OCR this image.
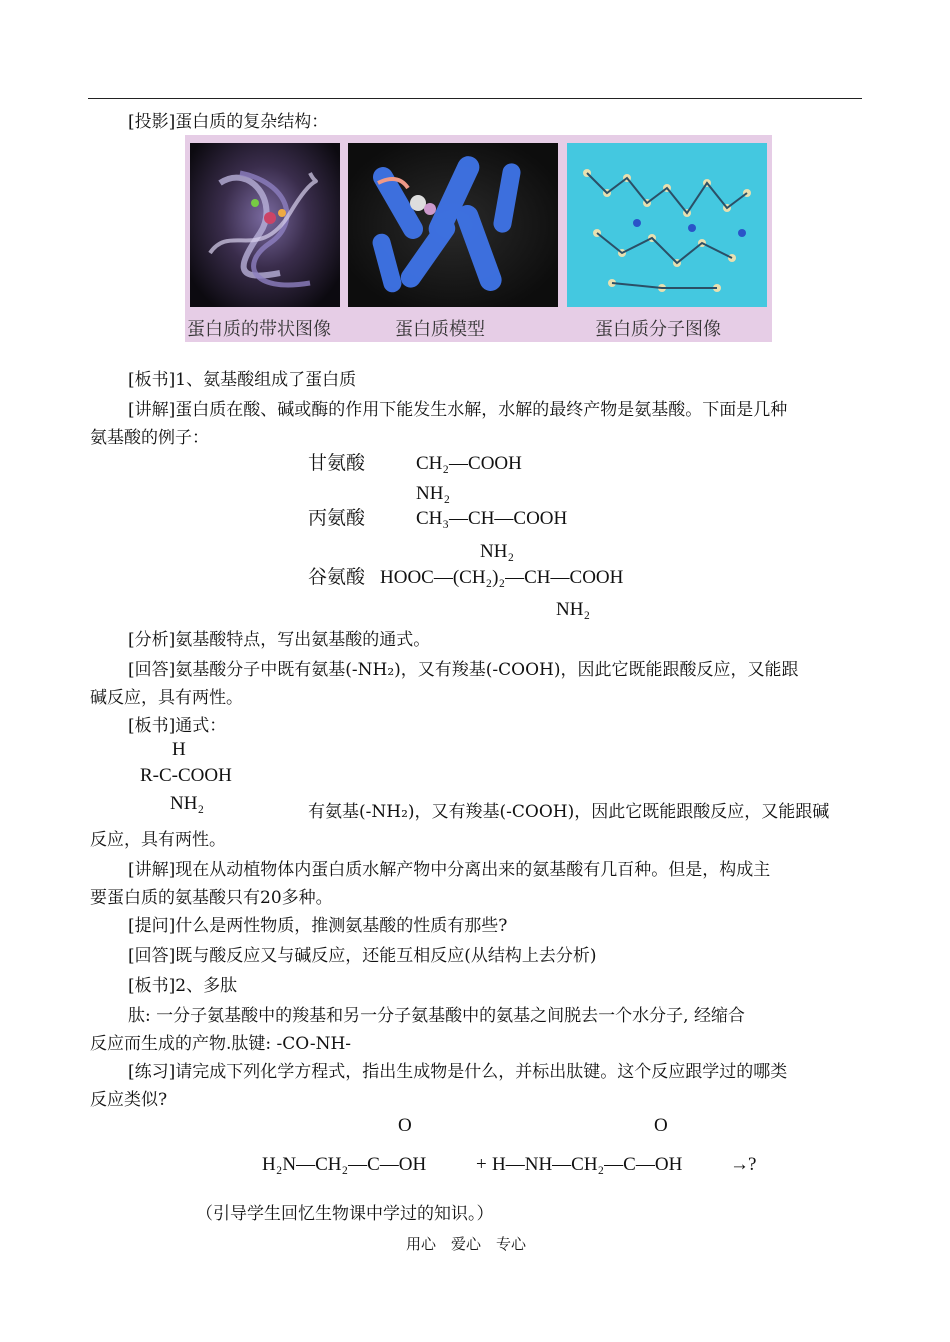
[投影]蛋白质的复杂结构：
蛋白质的带状图像	蛋白质模型	蛋白质分子图像
[板书]1、氨基酸组成了蛋白质
[讲解]蛋白质在酸、碱或酶的作用下能发生水解，水解的最终产物是氨基酸。下面是几种
氨基酸的例子：
甘氨酸	CH₂—COOH
NH₂
丙氨酸	CH₃—CH—COOH
NH₂
谷氨酸 HOOC—(CH₂)₂—CH—COOH
NH₂
[分析]氨基酸特点，写出氨基酸的通式。
[回答]氨基酸分子中既有氨基(-NH₂)，又有羧基(-COOH)，因此它既能跟酸反应，又能跟
碱反应，具有两性。
[板书]通式：
H
R-C-COOH
NH₂	有氨基(-NH₂)，又有羧基(-COOH)，因此它既能跟酸反应，又能跟碱
反应，具有两性。
[讲解]现在从动植物体内蛋白质水解产物中分离出来的氨基酸有几百种。但是，构成主
要蛋白质的氨基酸只有20多种。
[提问]什么是两性物质，推测氨基酸的性质有那些?
[回答]既与酸反应又与碱反应，还能互相反应(从结构上去分析)
[板书]2、多肽
肽: 一分子氨基酸中的羧基和另一分子氨基酸中的氨基之间脱去一个水分子, 经缩合
反应而生成的产物.肽键: -CO-NH-
[练习]请完成下列化学方程式，指出生成物是什么，并标出肽键。这个反应跟学过的哪类
反应类似?
O	O
H₂N—CH₂—C—OH	+ H—NH—CH₂—C—OH	→ ?
（引导学生回忆生物课中学过的知识。）
用心　爱心　专心
